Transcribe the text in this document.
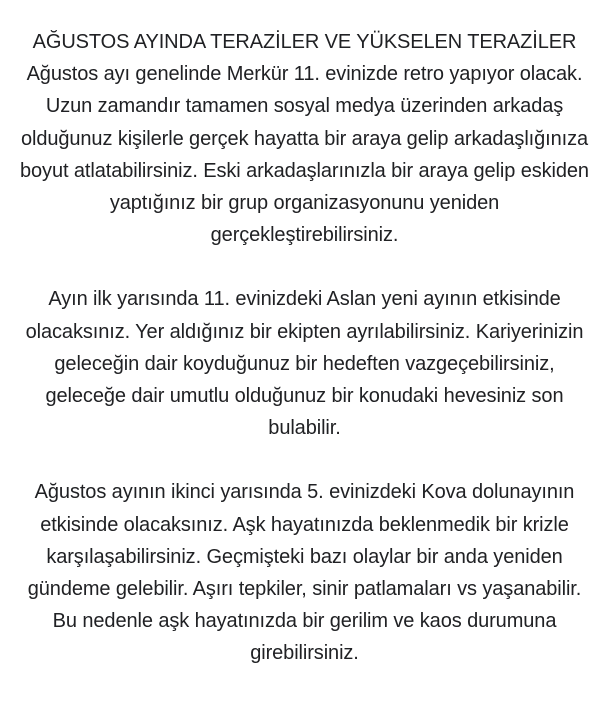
AĞUSTOS AYINDA TERAZİLER VE YÜKSELEN TERAZİLER
Ağustos ayı genelinde Merkür 11. evinizde retro yapıyor olacak.
Uzun zamandır tamamen sosyal medya üzerinden arkadaş
olduğunuz kişilerle gerçek hayatta bir araya gelip arkadaşlığınıza
boyut atlatabilirsiniz. Eski arkadaşlarınızla bir araya gelip eskiden
yaptığınız bir grup organizasyonunu yeniden
gerçekleştirebilirsiniz.
Ayın ilk yarısında 11. evinizdeki Aslan yeni ayının etkisinde
olacaksınız. Yer aldığınız bir ekipten ayrılabilirsiniz. Kariyerinizin
geleceğin dair koyduğunuz bir hedeften vazgeçebilirsiniz,
geleceğe dair umutlu olduğunuz bir konudaki hevesiniz son
bulabilir.
Ağustos ayının ikinci yarısında 5. evinizdeki Kova dolunayının
etkisinde olacaksınız. Aşk hayatınızda beklenmedik bir krizle
karşılaşabilirsiniz. Geçmişteki bazı olaylar bir anda yeniden
gündeme gelebilir. Aşırı tepkiler, sinir patlamaları vs yaşanabilir.
Bu nedenle aşk hayatınızda bir gerilim ve kaos durumuna
girebilirsiniz.
